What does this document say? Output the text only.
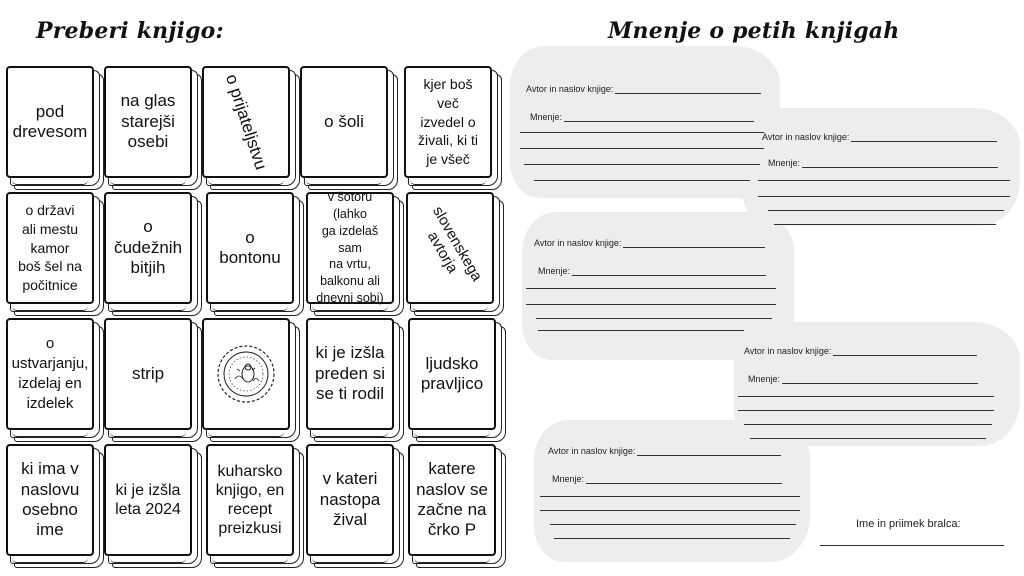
Preberi knjigo:	Mnenje o petih knjigah
pod
drevesom
na glas
starejši
osebi	o prijateljstvu	o šoli
kjer boš
več
izvedel o
živali, ki ti
je všeč
o državi
ali mestu
kamor
boš šel na
počitnice
o
čudežnih
bitjih
o
bontonu
v šotoru (lahko
ga izdelaš sam
na vrtu,
balkonu ali
dnevni sobi)
slovenskega
avtorja
o
ustvarjanju,
izdelaj en
izdelek
strip
ki je izšla
preden si
se ti rodil
ljudsko
pravljico
ki ima v
naslovu
osebno
ime
ki je izšla
leta 2024
kuharsko
knjigo, en
recept
preizkusi
v kateri
nastopa
žival
katere
naslov se
začne na
črko P
Avtor in naslov knjige:
Mnenje:
Avtor in naslov knjige:
Mnenje:
Avtor in naslov knjige:
Mnenje:
Avtor in naslov knjige:
Mnenje:
Avtor in naslov knjige:
Mnenje:
Ime in priimek bralca:
